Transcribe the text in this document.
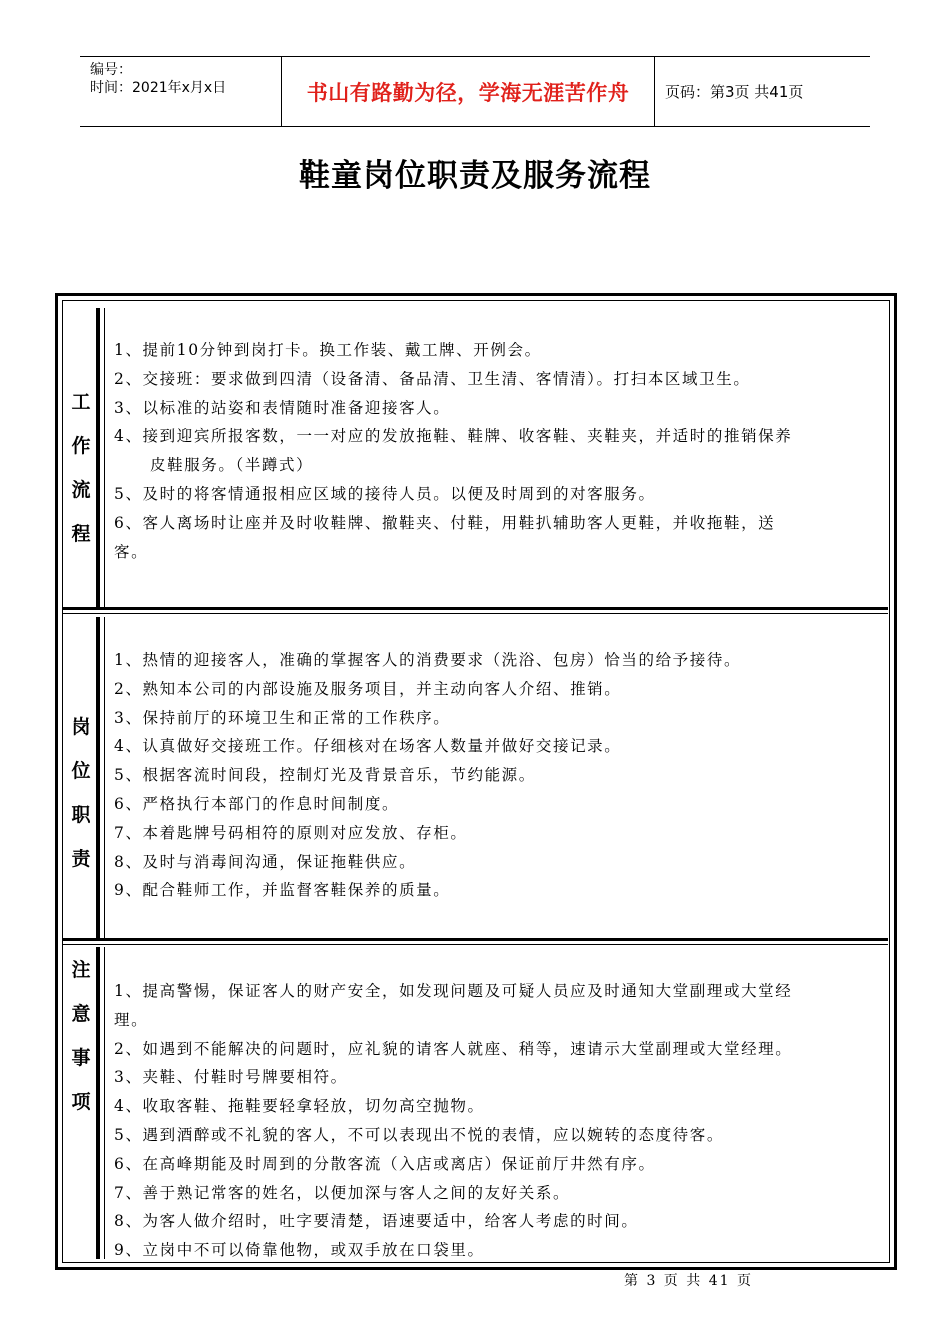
编号：
时间：2021年x月x日	书山有路勤为径，学海无涯苦作舟	页码：第3页 共41页
鞋童岗位职责及服务流程
工
作
流
程
1、提前10分钟到岗打卡。换工作装、戴工牌、开例会。
2、交接班：要求做到四清（设备清、备品清、卫生清、客情清）。打扫本区域卫生。
3、以标准的站姿和表情随时准备迎接客人。
4、接到迎宾所报客数，一一对应的发放拖鞋、鞋牌、收客鞋、夹鞋夹，并适时的推销保养
皮鞋服务。（半蹲式）
5、及时的将客情通报相应区域的接待人员。以便及时周到的对客服务。
6、客人离场时让座并及时收鞋牌、撤鞋夹、付鞋，用鞋扒辅助客人更鞋，并收拖鞋，送
客。
岗
位
职
责
1、热情的迎接客人，准确的掌握客人的消费要求（洗浴、包房）恰当的给予接待。
2、熟知本公司的内部设施及服务项目，并主动向客人介绍、推销。
3、保持前厅的环境卫生和正常的工作秩序。
4、认真做好交接班工作。仔细核对在场客人数量并做好交接记录。
5、根据客流时间段，控制灯光及背景音乐，节约能源。
6、严格执行本部门的作息时间制度。
7、本着匙牌号码相符的原则对应发放、存柜。
8、及时与消毒间沟通，保证拖鞋供应。
9、配合鞋师工作，并监督客鞋保养的质量。
注
意
事
项
1、提高警惕，保证客人的财产安全，如发现问题及可疑人员应及时通知大堂副理或大堂经
理。
2、如遇到不能解决的问题时，应礼貌的请客人就座、稍等，速请示大堂副理或大堂经理。
3、夹鞋、付鞋时号牌要相符。
4、收取客鞋、拖鞋要轻拿轻放，切勿高空抛物。
5、遇到酒醉或不礼貌的客人，不可以表现出不悦的表情，应以婉转的态度待客。
6、在高峰期能及时周到的分散客流（入店或离店）保证前厅井然有序。
7、善于熟记常客的姓名，以便加深与客人之间的友好关系。
8、为客人做介绍时，吐字要清楚，语速要适中，给客人考虑的时间。
9、立岗中不可以倚靠他物，或双手放在口袋里。
第 3 页 共 41 页
